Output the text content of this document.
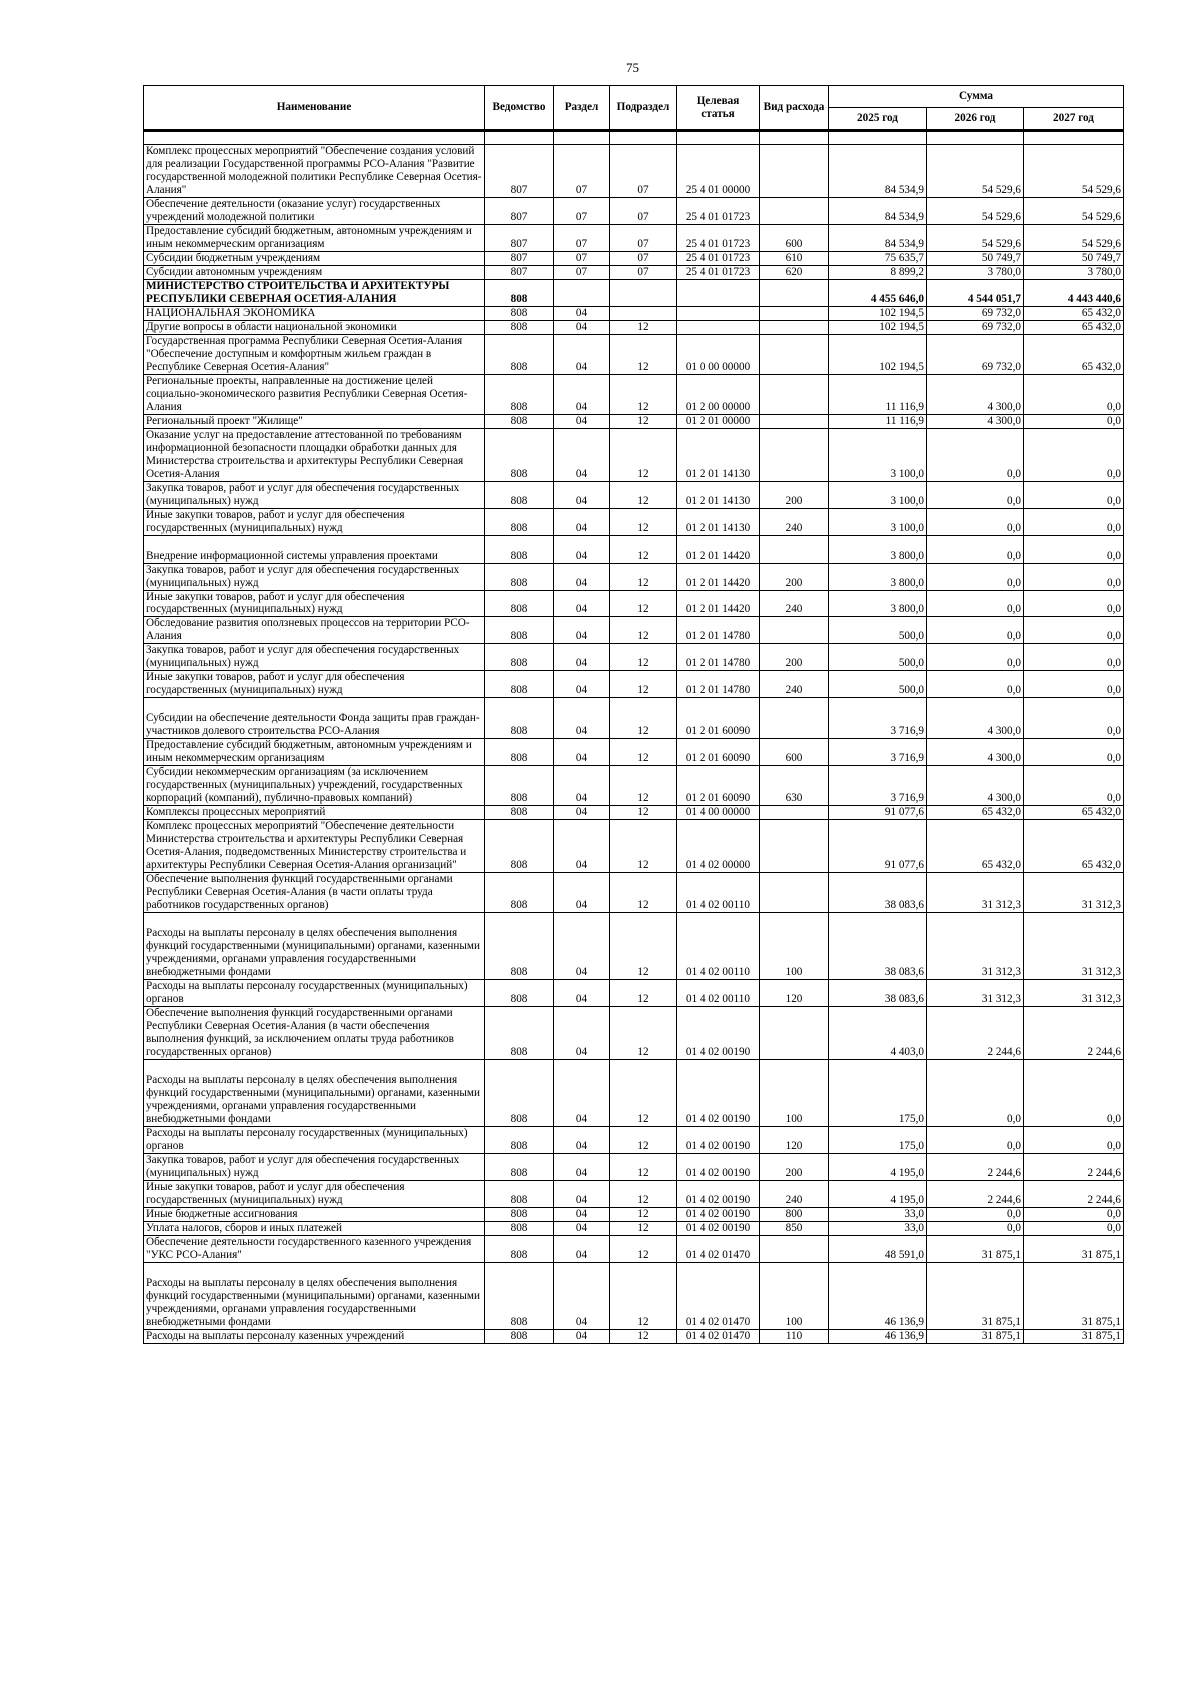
75
Наименование	Ведомство	Раздел	Подраздел	Целевая статья	Вид расхода	Сумма		
						2025 год	2026 год	2027 год

Комплекс процессных мероприятий "Обеспечение создания условий для реализации Государственной программы РСО-Алания "Развитие государственной молодежной политики Республике Северная Осетия-Алания"	807	07	07	25 4 01 00000		84 534,9	54 529,6	54 529,6
Обеспечение деятельности (оказание услуг) государственных учреждений молодежной политики	807	07	07	25 4 01 01723		84 534,9	54 529,6	54 529,6
Предоставление субсидий бюджетным, автономным учреждениям и иным некоммерческим организациям	807	07	07	25 4 01 01723	600	84 534,9	54 529,6	54 529,6
Субсидии бюджетным учреждениям	807	07	07	25 4 01 01723	610	75 635,7	50 749,7	50 749,7
Субсидии автономным учреждениям	807	07	07	25 4 01 01723	620	8 899,2	3 780,0	3 780,0
МИНИСТЕРСТВО СТРОИТЕЛЬСТВА И АРХИТЕКТУРЫ РЕСПУБЛИКИ СЕВЕРНАЯ ОСЕТИЯ-АЛАНИЯ	808					4 455 646,0	4 544 051,7	4 443 440,6
НАЦИОНАЛЬНАЯ ЭКОНОМИКА	808	04				102 194,5	69 732,0	65 432,0
Другие вопросы в области национальной экономики	808	04	12			102 194,5	69 732,0	65 432,0
Государственная программа Республики Северная Осетия-Алания "Обеспечение доступным и комфортным жильем граждан в Республике Северная Осетия-Алания"	808	04	12	01 0 00 00000		102 194,5	69 732,0	65 432,0
Региональные проекты, направленные на достижение целей социально-экономического развития Республики Северная Осетия-Алания	808	04	12	01 2 00 00000		11 116,9	4 300,0	0,0
Региональный проект "Жилище"	808	04	12	01 2 01 00000		11 116,9	4 300,0	0,0
Оказание услуг на предоставление аттестованной по требованиям информационной безопасности площадки обработки данных для Министерства строительства и архитектуры Республики Северная Осетия-Алания	808	04	12	01 2 01 14130		3 100,0	0,0	0,0
Закупка товаров, работ и услуг для обеспечения государственных (муниципальных) нужд	808	04	12	01 2 01 14130	200	3 100,0	0,0	0,0
Иные закупки товаров, работ и услуг для обеспечения государственных (муниципальных) нужд	808	04	12	01 2 01 14130	240	3 100,0	0,0	0,0
Внедрение информационной системы управления проектами	808	04	12	01 2 01 14420		3 800,0	0,0	0,0
Закупка товаров, работ и услуг для обеспечения государственных (муниципальных) нужд	808	04	12	01 2 01 14420	200	3 800,0	0,0	0,0
Иные закупки товаров, работ и услуг для обеспечения государственных (муниципальных) нужд	808	04	12	01 2 01 14420	240	3 800,0	0,0	0,0
Обследование развития оползневых процессов на территории РСО-Алания	808	04	12	01 2 01 14780		500,0	0,0	0,0
Закупка товаров, работ и услуг для обеспечения государственных (муниципальных) нужд	808	04	12	01 2 01 14780	200	500,0	0,0	0,0
Иные закупки товаров, работ и услуг для обеспечения государственных (муниципальных) нужд	808	04	12	01 2 01 14780	240	500,0	0,0	0,0
Субсидии на обеспечение деятельности Фонда защиты прав граждан-участников долевого строительства РСО-Алания	808	04	12	01 2 01 60090		3 716,9	4 300,0	0,0
Предоставление субсидий бюджетным, автономным учреждениям и иным некоммерческим организациям	808	04	12	01 2 01 60090	600	3 716,9	4 300,0	0,0
Субсидии некоммерческим организациям (за исключением государственных (муниципальных) учреждений, государственных корпораций (компаний), публично-правовых компаний)	808	04	12	01 2 01 60090	630	3 716,9	4 300,0	0,0
Комплексы процессных мероприятий	808	04	12	01 4 00 00000		91 077,6	65 432,0	65 432,0
Комплекс процессных мероприятий "Обеспечение деятельности Министерства строительства и архитектуры Республики Северная Осетия-Алания, подведомственных Министерству строительства и архитектуры Республики Северная Осетия-Алания организаций"	808	04	12	01 4 02 00000		91 077,6	65 432,0	65 432,0
Обеспечение выполнения функций государственными органами Республики Северная Осетия-Алания (в части оплаты труда работников государственных органов)	808	04	12	01 4 02 00110		38 083,6	31 312,3	31 312,3
Расходы на выплаты персоналу в целях обеспечения выполнения функций государственными (муниципальными) органами, казенными учреждениями, органами управления государственными внебюджетными фондами	808	04	12	01 4 02 00110	100	38 083,6	31 312,3	31 312,3
Расходы на выплаты персоналу государственных (муниципальных) органов	808	04	12	01 4 02 00110	120	38 083,6	31 312,3	31 312,3
Обеспечение выполнения функций государственными органами Республики Северная Осетия-Алания (в части обеспечения выполнения функций, за исключением оплаты труда работников государственных органов)	808	04	12	01 4 02 00190		4 403,0	2 244,6	2 244,6
Расходы на выплаты персоналу в целях обеспечения выполнения функций государственными (муниципальными) органами, казенными учреждениями, органами управления государственными внебюджетными фондами	808	04	12	01 4 02 00190	100	175,0	0,0	0,0
Расходы на выплаты персоналу государственных (муниципальных) органов	808	04	12	01 4 02 00190	120	175,0	0,0	0,0
Закупка товаров, работ и услуг для обеспечения государственных (муниципальных) нужд	808	04	12	01 4 02 00190	200	4 195,0	2 244,6	2 244,6
Иные закупки товаров, работ и услуг для обеспечения государственных (муниципальных) нужд	808	04	12	01 4 02 00190	240	4 195,0	2 244,6	2 244,6
Иные бюджетные ассигнования	808	04	12	01 4 02 00190	800	33,0	0,0	0,0
Уплата налогов, сборов и иных платежей	808	04	12	01 4 02 00190	850	33,0	0,0	0,0
Обеспечение деятельности государственного казенного учреждения "УКС РСО-Алания"	808	04	12	01 4 02 01470		48 591,0	31 875,1	31 875,1
Расходы на выплаты персоналу в целях обеспечения выполнения функций государственными (муниципальными) органами, казенными учреждениями, органами управления государственными внебюджетными фондами	808	04	12	01 4 02 01470	100	46 136,9	31 875,1	31 875,1
Расходы на выплаты персоналу казенных учреждений	808	04	12	01 4 02 01470	110	46 136,9	31 875,1	31 875,1
